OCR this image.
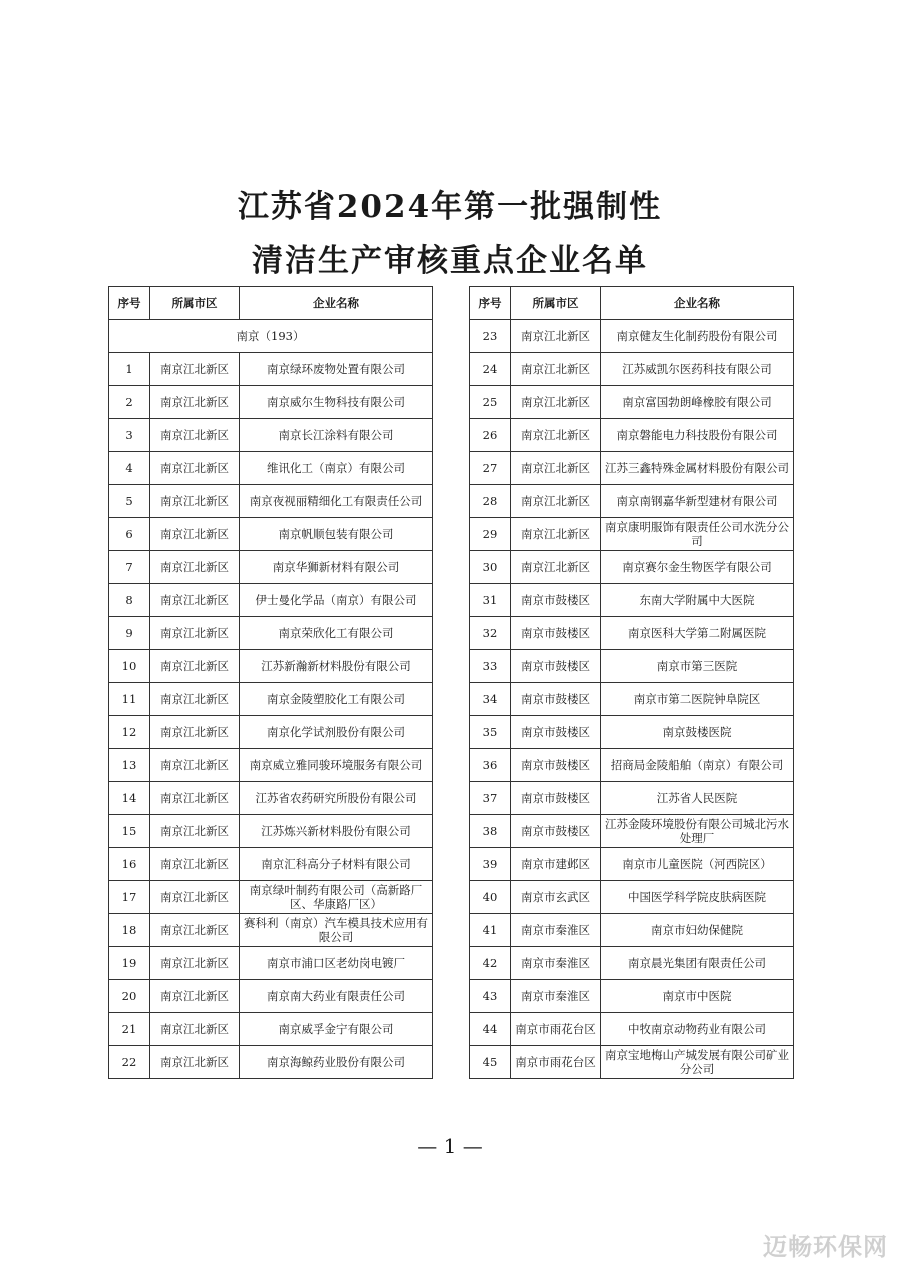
江苏省2024年第一批强制性
清洁生产审核重点企业名单
序号	所属市区	企业名称
南京（193）		
1	南京江北新区	南京绿环废物处置有限公司
2	南京江北新区	南京威尔生物科技有限公司
3	南京江北新区	南京长江涂料有限公司
4	南京江北新区	维讯化工（南京）有限公司
5	南京江北新区	南京夜视丽精细化工有限责任公司
6	南京江北新区	南京帆顺包装有限公司
7	南京江北新区	南京华狮新材料有限公司
8	南京江北新区	伊士曼化学品（南京）有限公司
9	南京江北新区	南京荣欣化工有限公司
10	南京江北新区	江苏新瀚新材料股份有限公司
11	南京江北新区	南京金陵塑胶化工有限公司
12	南京江北新区	南京化学试剂股份有限公司
13	南京江北新区	南京威立雅同骏环境服务有限公司
14	南京江北新区	江苏省农药研究所股份有限公司
15	南京江北新区	江苏炼兴新材料股份有限公司
16	南京江北新区	南京汇科高分子材料有限公司
17	南京江北新区	南京绿叶制药有限公司（高新路厂区、华康路厂区）
18	南京江北新区	赛科利（南京）汽车模具技术应用有限公司
19	南京江北新区	南京市浦口区老幼岗电镀厂
20	南京江北新区	南京南大药业有限责任公司
21	南京江北新区	南京威孚金宁有限公司
22	南京江北新区	南京海鲸药业股份有限公司
序号	所属市区	企业名称
23	南京江北新区	南京健友生化制药股份有限公司
24	南京江北新区	江苏威凯尔医药科技有限公司
25	南京江北新区	南京富国勃朗峰橡胶有限公司
26	南京江北新区	南京磐能电力科技股份有限公司
27	南京江北新区	江苏三鑫特殊金属材料股份有限公司
28	南京江北新区	南京南钢嘉华新型建材有限公司
29	南京江北新区	南京康明服饰有限责任公司水洗分公司
30	南京江北新区	南京赛尔金生物医学有限公司
31	南京市鼓楼区	东南大学附属中大医院
32	南京市鼓楼区	南京医科大学第二附属医院
33	南京市鼓楼区	南京市第三医院
34	南京市鼓楼区	南京市第二医院钟阜院区
35	南京市鼓楼区	南京鼓楼医院
36	南京市鼓楼区	招商局金陵船舶（南京）有限公司
37	南京市鼓楼区	江苏省人民医院
38	南京市鼓楼区	江苏金陵环境股份有限公司城北污水处理厂
39	南京市建邺区	南京市儿童医院（河西院区）
40	南京市玄武区	中国医学科学院皮肤病医院
41	南京市秦淮区	南京市妇幼保健院
42	南京市秦淮区	南京晨光集团有限责任公司
43	南京市秦淮区	南京市中医院
44	南京市雨花台区	中牧南京动物药业有限公司
45	南京市雨花台区	南京宝地梅山产城发展有限公司矿业分公司
— 1 —
迈畅环保网
